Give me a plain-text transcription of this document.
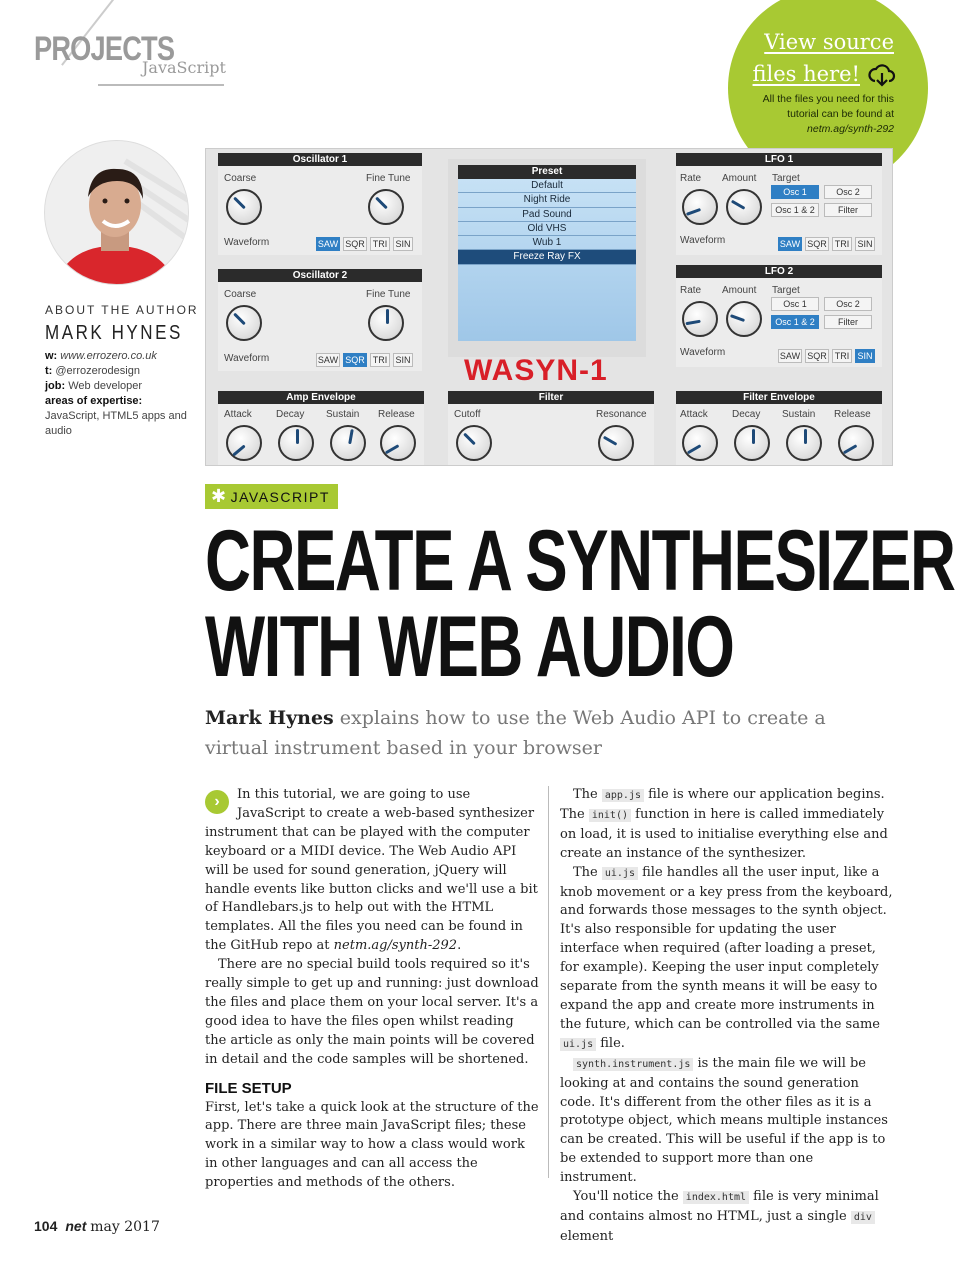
PROJECTS
JavaScript
View source
files here!
All the files you need for this tutorial can be found at netm.ag/synth-292
ABOUT THE AUTHOR
MARK HYNES
w: www.errozero.co.uk
t: @errozerodesign
job: Web developer
areas of expertise: JavaScript, HTML5 apps and audio
Oscillator 1
Coarse	Fine Tune
Waveform	SAW SQR TRI SIN
Oscillator 2
Coarse	Fine Tune
Waveform	SAW SQR TRI SIN
Preset
Default
Night Ride
Pad Sound
Old VHS
Wub 1
Freeze Ray FX
WASYN-1
LFO 1
Rate Amount Target
Osc 1	Osc 2
Osc 1 & 2	Filter
Waveform	SAW SQR TRI SIN
LFO 2
Rate Amount Target
Osc 1	Osc 2
Osc 1 & 2	Filter
Waveform	SAW SQR TRI SIN
Amp Envelope
Attack Decay Sustain Release
Filter
Cutoff	Resonance
Filter Envelope
Attack Decay Sustain Release
✱ JAVASCRIPT
CREATE A SYNTHESIZER
WITH WEB AUDIO
Mark Hynes explains how to use the Web Audio API to create a virtual instrument based in your browser

›	In this tutorial, we are going to use JavaScript to create a web-based synthesizer instrument that can be played with the computer keyboard or a MIDI device. The Web Audio API will be used for sound generation, jQuery will handle events like button clicks and we'll use a bit of Handlebars.js to help out with the HTML templates. All the files you need can be found in the GitHub repo at netm.ag/synth-292.

There are no special build tools required so it's really simple to get up and running: just download the files and place them on your local server. It's a good idea to have the files open whilst reading the article as only the main points will be covered in detail and the code samples will be shortened.

FILE SETUP

First, let's take a quick look at the structure of the app. There are three main JavaScript files; these work in a similar way to how a class would work in other languages and can all access the properties and methods of the others.

The app.js file is where our application begins. The init() function in here is called immediately on load, it is used to initialise everything else and create an instance of the synthesizer.

The ui.js file handles all the user input, like a knob movement or a key press from the keyboard, and forwards those messages to the synth object. It's also responsible for updating the user interface when required (after loading a preset, for example). Keeping the user input completely separate from the synth means it will be easy to expand the app and create more instruments in the future, which can be controlled via the same ui.js file.

synth.instrument.js is the main file we will be looking at and contains the sound generation code. It's different from the other files as it is a prototype object, which means multiple instances can be created. This will be useful if the app is to be extended to support more than one instrument.

You'll notice the index.html file is very minimal and contains almost no HTML, just a single div element

104 net may 2017
